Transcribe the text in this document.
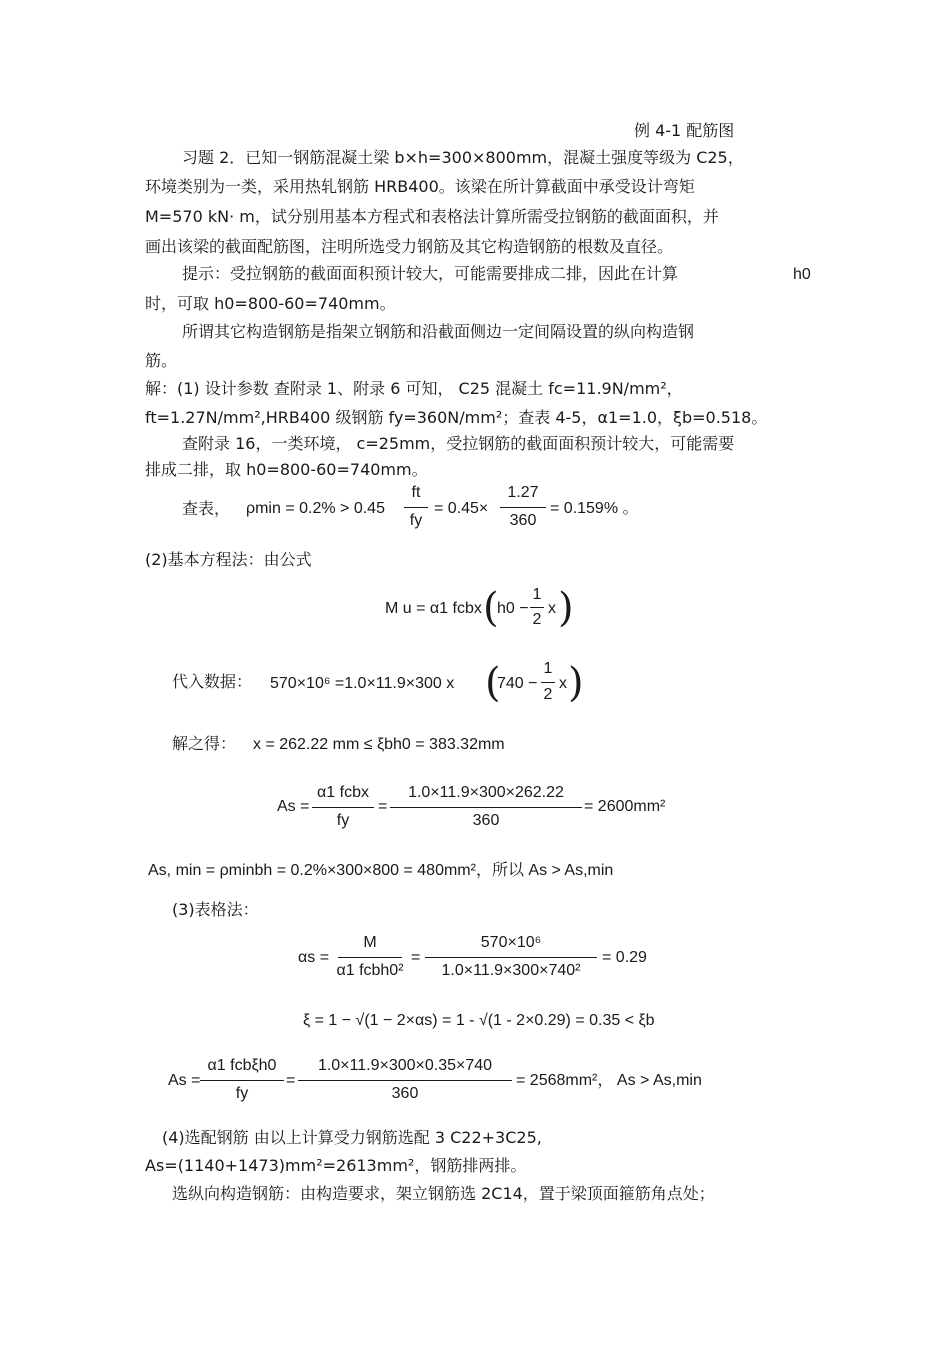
例 4-1 配筋图
习题 2．已知一钢筋混凝土梁 b×h=300×800mm，混凝土强度等级为 C25，
环境类别为一类，采用热轧钢筋 HRB400。该梁在所计算截面中承受设计弯矩
M=570 kN· m，试分别用基本方程式和表格法计算所需受拉钢筋的截面面积，并
画出该梁的截面配筋图，注明所选受力钢筋及其它构造钢筋的根数及直径。
提示：受拉钢筋的截面面积预计较大，可能需要排成二排，因此在计算	h0
时，可取 h0=800-60=740mm。
所谓其它构造钢筋是指架立钢筋和沿截面侧边一定间隔设置的纵向构造钢
筋。
解：(1) 设计参数 查附录 1、附录 6 可知， C25 混凝土 fc=11.9N/mm²，
ft=1.27N/mm²,HRB400 级钢筋 fy=360N/mm²；查表 4-5，α1=1.0，ξb=0.518。
查附录 16，一类环境， c=25mm，受拉钢筋的截面面积预计较大，可能需要
排成二排，取 h0=800-60=740mm。
查表， ρmin = 0.2% > 0.45
ft
fy
= 0.45×
1.27
360
= 0.159% 。
(2)基本方程法：由公式
M u = α1 fcbx (
h0 −
1
2
x )
代入数据： 570×10⁶ =1.0×11.9×300 x (
740 −
1
2
x )
解之得： x = 262.22 mm ≤ ξbh0 = 383.32mm
As =
α1 fcbx
fy
=
1.0×11.9×300×262.22
360
= 2600mm²
As, min = ρminbh = 0.2%×300×800 = 480mm²，所以 As > As,min
(3)表格法：
αs =
M
α1 fcbh0²
=
570×10⁶
1.0×11.9×300×740²
= 0.29
ξ = 1 − √(1 − 2×αs) = 1 - √(1 - 2×0.29) = 0.35 < ξb
As =
α1 fcbξh0
fy
=
1.0×11.9×300×0.35×740
360
= 2568mm²， As > As,min
(4)选配钢筋 由以上计算受力钢筋选配 3 C22+3C25,
As=(1140+1473)mm²=2613mm²，钢筋排两排。
选纵向构造钢筋：由构造要求，架立钢筋选 2C14，置于梁顶面箍筋角点处；
